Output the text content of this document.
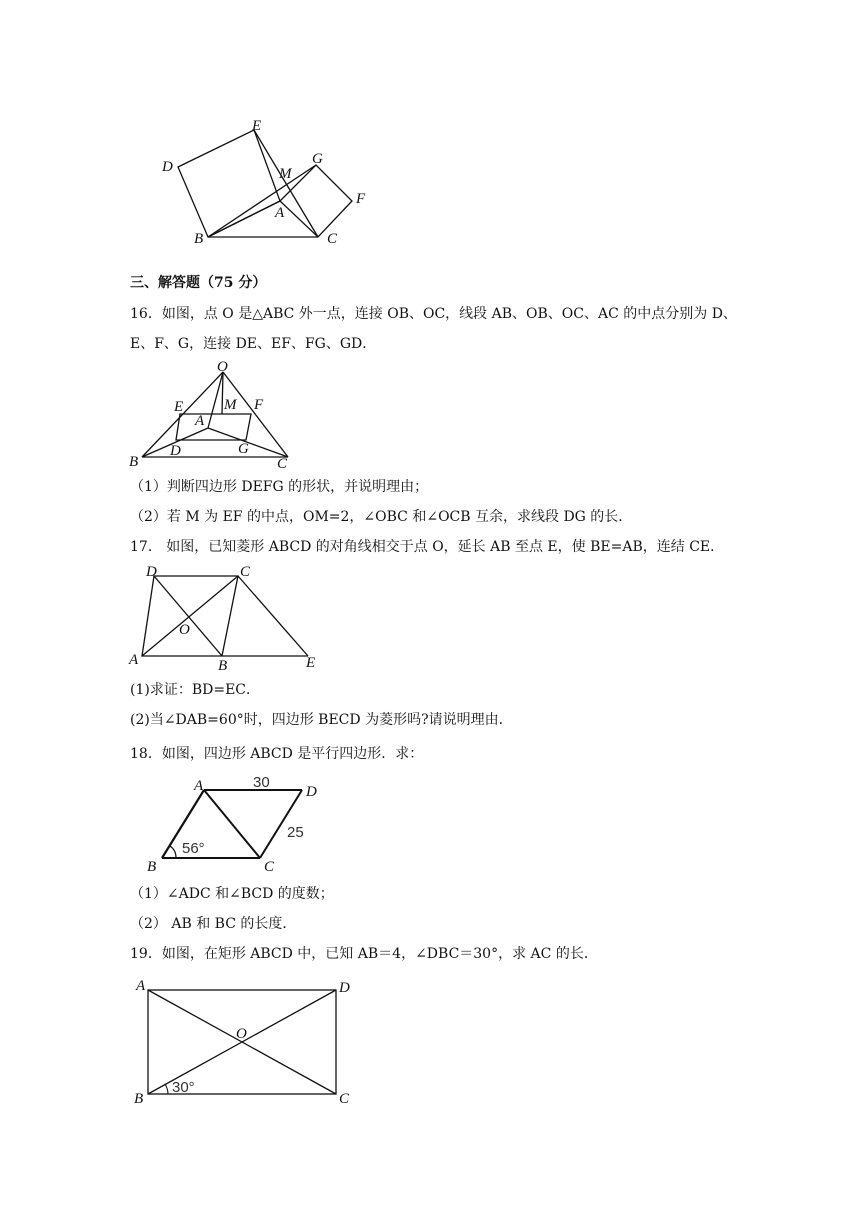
E
D	M
G
F
A
B	C
三、解答题（75 分）
16．如图，点 O 是△ABC 外一点，连接 OB、OC，线段 AB、OB、OC、AC 的中点分别为 D、
E、F、G，连接 DE、EF、FG、GD．
O
E	M F
A
B
D	G
C
（1）判断四边形 DEFG 的形状，并说明理由；
（2）若 M 为 EF 的中点，OM=2，∠OBC 和∠OCB 互余，求线段 DG 的长．
17.　如图，已知菱形 ABCD 的对角线相交于点 O，延长 AB 至点 E，使 BE=AB，连结 CE．
D	C
O
A	B	E
(1)求证：BD=EC．
(2)当∠DAB=60°时，四边形 BECD 为菱形吗?请说明理由．
18．如图，四边形 ABCD 是平行四边形．求：
A	D
B	C
30
25
56°
（1）∠ADC 和∠BCD 的度数；
（2） AB 和 BC 的长度．
19．如图，在矩形 ABCD 中，已知 AB＝4，∠DBC＝30°，求 AC 的长．
A	D
O
B	C
30°
